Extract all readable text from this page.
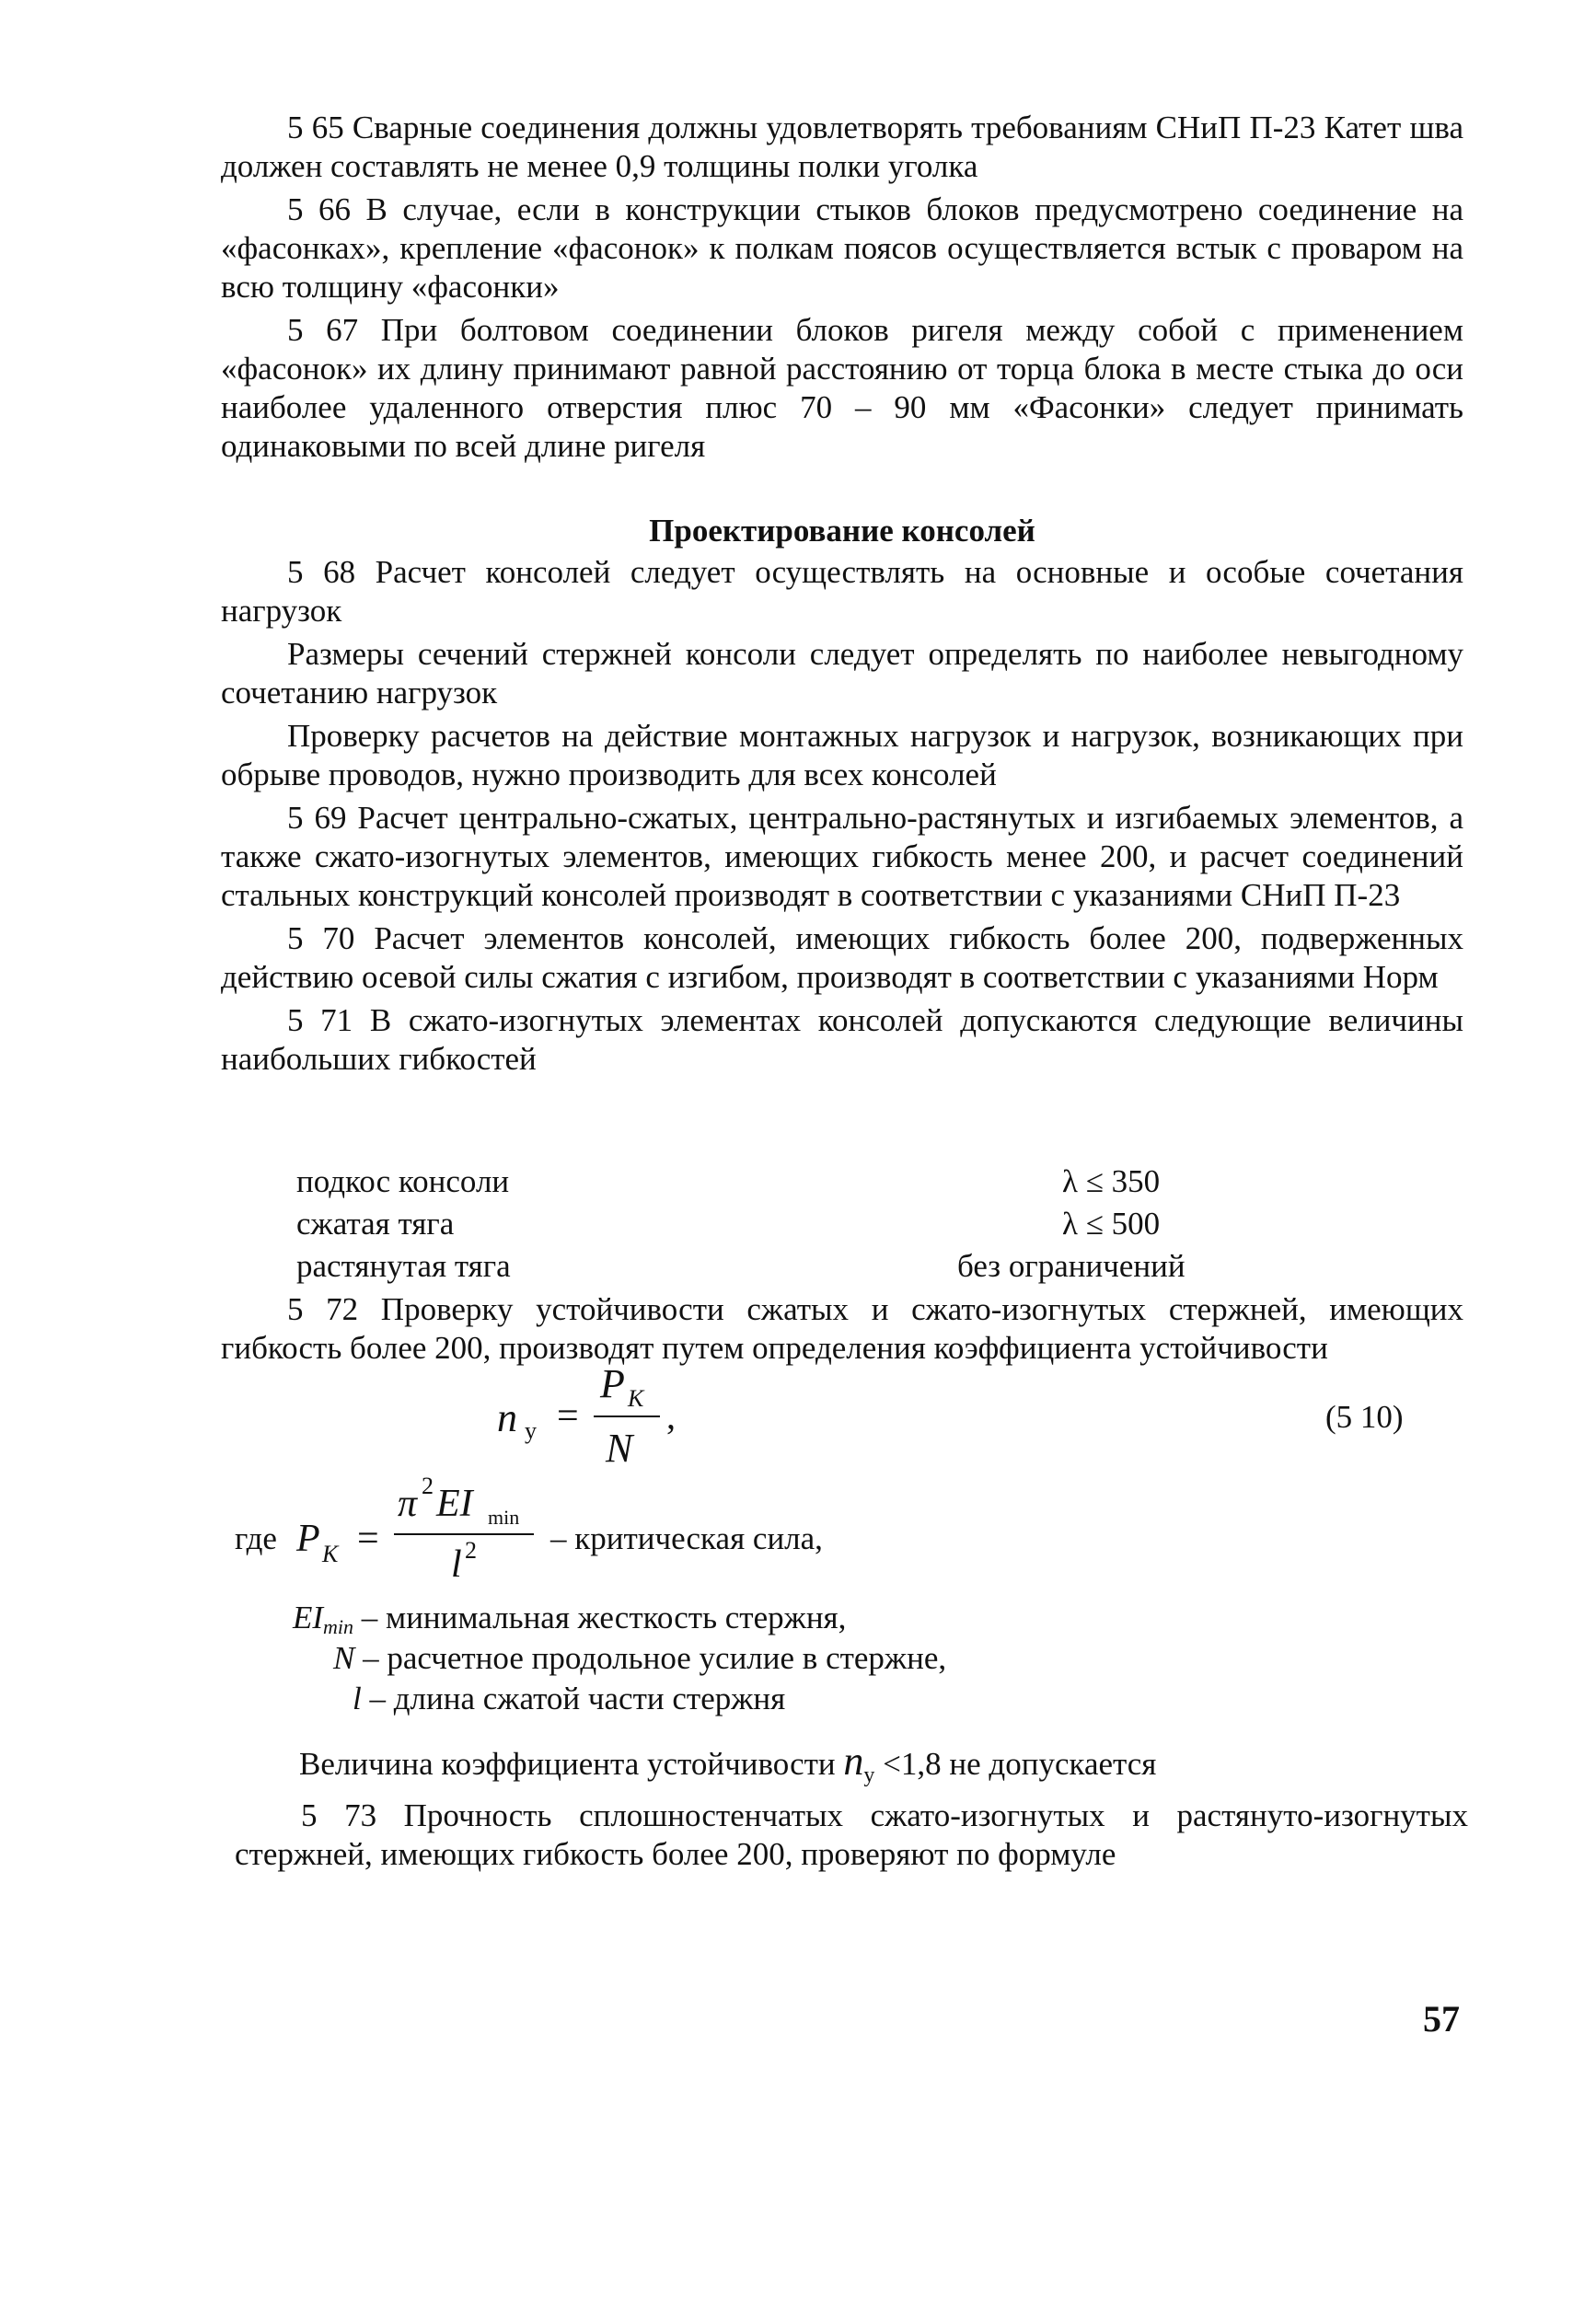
5 65 Сварные соединения должны удовлетворять требованиям СНиП П-23 Катет шва должен составлять не менее 0,9 толщины полки уголка

5 66 В случае, если в конструкции стыков блоков предусмотрено соединение на «фасонках», крепление «фасонок» к полкам поясов осуществляется встык с проваром на всю толщину «фасонки»

5 67 При болтовом соединении блоков ригеля между собой с применением «фасонок» их длину принимают равной расстоянию от торца блока в месте стыка до оси наиболее удаленного отверстия плюс 70 – 90 мм «Фасонки» следует принимать одинаковыми по всей длине ригеля

Проектирование консолей

5 68 Расчет консолей следует осуществлять на основные и особые сочетания нагрузок

Размеры сечений стержней консоли следует определять по наиболее невыгодному сочетанию нагрузок

Проверку расчетов на действие монтажных нагрузок и нагрузок, возникающих при обрыве проводов, нужно производить для всех консолей

5 69 Расчет центрально-сжатых, центрально-растянутых и изгибаемых элементов, а также сжато-изогнутых элементов, имеющих гибкость менее 200, и расчет соединений стальных конструкций консолей производят в соответствии с указаниями СНиП П-23

5 70 Расчет элементов консолей, имеющих гибкость более 200, подверженных действию осевой силы сжатия с изгибом, производят в соответствии с указаниями Норм

5 71 В сжато-изогнутых элементах консолей допускаются следующие величины наибольших гибкостей

подкос консоли	λ ≤ 350
сжатая тяга	λ ≤ 500
растянутая тяга	без ограничений

5 72 Проверку устойчивости сжатых и сжато-изогнутых стержней, имеющих гибкость более 200, производят путем определения коэффициента устойчивости

n y =
P K
N
,	(5 10)
где P K =
π 2 EI min
l 2 – критическая сила,
EImin – минимальная жесткость стержня,
N – расчетное продольное усилие в стержне,
l – длина сжатой части стержня
Величина коэффициента устойчивости $n_y <1,8$ не допускается

5 73 Прочность сплошностенчатых сжато-изогнутых и растянуто-изогнутых стержней, имеющих гибкость более 200, проверяют по формуле

57
